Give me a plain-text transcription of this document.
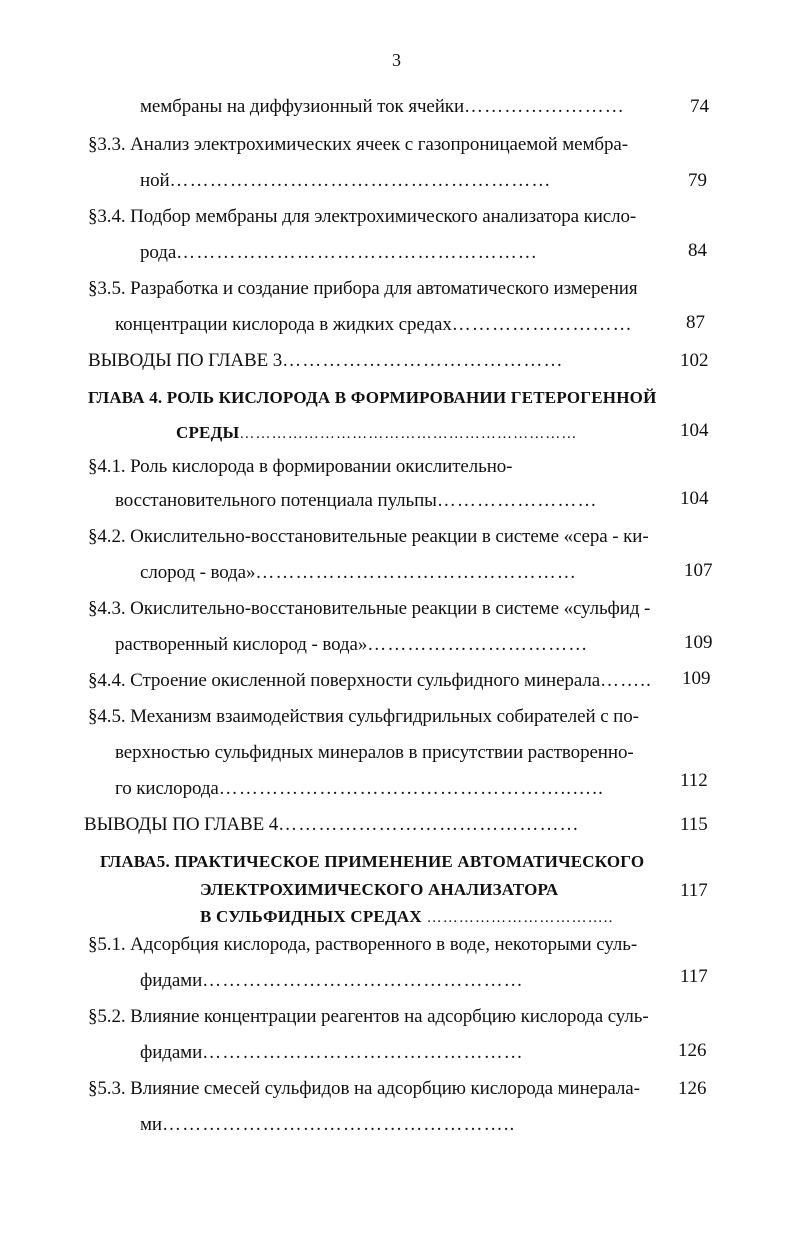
3
мембраны на диффузионный ток ячейки……………………	74
§3.3. Анализ электрохимических ячеек с газопроницаемой мембра-
ной…………………………………………………	79
§3.4. Подбор мембраны для электрохимического анализатора кисло-
рода………………………………………………	84
§3.5. Разработка и создание прибора для автоматического измерения
концентрации кислорода в жидких средах………………………	87
ВЫВОДЫ ПО ГЛАВЕ 3……………………………………	102
ГЛАВА 4. РОЛЬ КИСЛОРОДА В ФОРМИРОВАНИИ ГЕТЕРОГЕННОЙ
СРЕДЫ………………………………………………………	104
§4.1. Роль кислорода в формировании окислительно-
восстановительного потенциала пульпы……………………	104
§4.2. Окислительно-восстановительные реакции в системе «сера - ки-
слород - вода»…………………………………………	107
§4.3. Окислительно-восстановительные реакции в системе «сульфид -
растворенный кислород - вода»……………………………	109
§4.4. Строение окисленной поверхности сульфидного минерала…….. 109
§4.5. Механизм взаимодействия сульфгидрильных собирателей с по-
верхностью сульфидных минералов в присутствии растворенно-
го кислорода……………………………………………..…..	112
ВЫВОДЫ ПО ГЛАВЕ 4………………………………………	115
ГЛАВА5. ПРАКТИЧЕСКОЕ ПРИМЕНЕНИЕ АВТОМАТИЧЕСКОГО
ЭЛЕКТРОХИМИЧЕСКОГО АНАЛИЗАТОРА
В СУЛЬФИДНЫХ СРЕДАХ ……………………………..
117
§5.1. Адсорбция кислорода, растворенного в воде, некоторыми суль-
фидами…………………………………………	117
§5.2. Влияние концентрации реагентов на адсорбцию кислорода суль-
фидами…………………………………………	126
§5.3. Влияние смесей сульфидов на адсорбцию кислорода минерала- 126
ми……………………………………………..
